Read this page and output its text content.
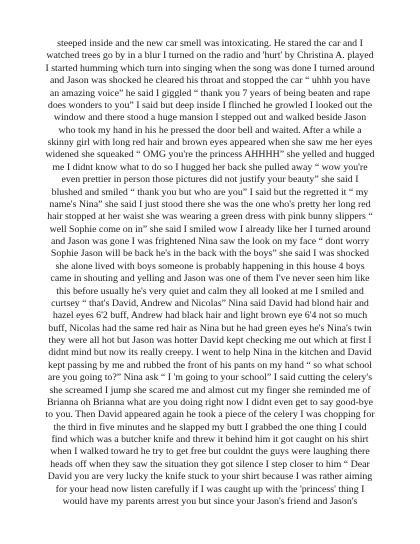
steeped inside and the new car smell was intoxicating. He stared the car and I
watched trees go by in a blur I turned on the radio and 'hurt' by Christina A. played
I started humming which turn into singing when the song was done I turned around
and Jason was shocked he cleared his throat and stopped the car “ uhhh you have
an amazing voice” he said I giggled “ thank you 7 years of being beaten and rape
does wonders to you” I said but deep inside I flinched he growled I looked out the
window and there stood a huge mansion I stepped out and walked beside Jason
who took my hand in his he pressed the door bell and waited. After a while a
skinny girl with long red hair and brown eyes appeared when she saw me her eyes
widened she squeaked “ OMG you're the princess AHHHH” she yelled and hugged
me I didnt know what to do so I hugged her back she pulled away “ wow you're
even prettier in person those pictures did not justify your beauty” she said I
blushed and smiled “ thank you but who are you” I said but the regretted it “ my
name's Nina” she said I just stood there she was the one who's pretty her long red
hair stopped at her waist she was wearing a green dress with pink bunny slippers “
well Sophie come on in” she said I smiled wow I already like her I turned around
and Jason was gone I was frightened Nina saw the look on my face “ dont worry
Sophie Jason will be back he's in the back with the boys” she said I was shocked
she alone lived with boys someone is probably happening in this house 4 boys
came in shouting and yelling and Jason was one of them I've never seen him like
this before usually he's very quiet and calm they all looked at me I smiled and
curtsey “ that's David, Andrew and Nicolas” Nina said David had blond hair and
hazel eyes 6'2 buff, Andrew had black hair and light brown eye 6'4 not so much
buff, Nicolas had the same red hair as Nina but he had green eyes he's Nina's twin
they were all hot but Jason was hotter David kept checking me out which at first I
didnt mind but now its really creepy. I went to help Nina in the kitchen and David
kept passing by me and rubbed the front of his pants on my hand “ so what school
are you going to?” Nina ask “ I 'm going to your school” I said cutting the celery's
she screamed I jump she scared me and almost cut my finger she reminded me of
Brianna oh Brianna what are you doing right now I didnt even get to say good-bye
to you. Then David appeared again he took a piece of the celery I was chopping for
the third in five minutes and he slapped my butt I grabbed the one thing I could
find which was a butcher knife and threw it behind him it got caught on his shirt
when I walked toward he try to get free but couldnt the guys were laughing there
heads off when they saw the situation they got silence I step closer to him “ Dear
David you are very lucky the knife stuck to your shirt because I was rather aiming
for your head now listen carefully if I was caught up with the 'princess' thing I
would have my parents arrest you but since your Jason's friend and Jason's
